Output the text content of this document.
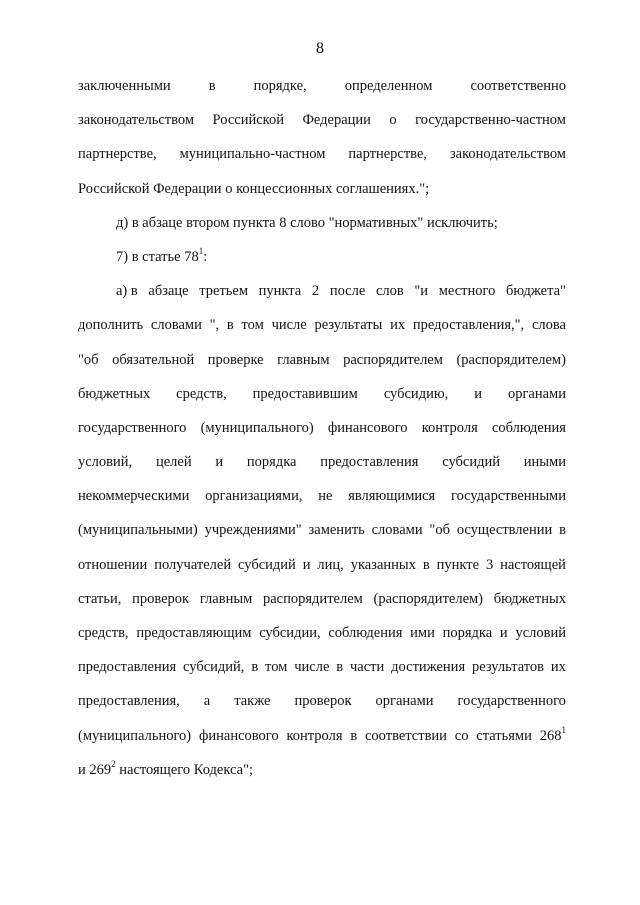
8
заключенными	в	порядке,	определенном	соответственно
законодательством Российской Федерации о государственно-частном
партнерстве, муниципально-частном партнерстве, законодательством
Российской Федерации о концессионных соглашениях.";
д) в абзаце втором пункта 8 слово "нормативных" исключить;
7) в статье $78^1$:
а) в абзаце третьем пункта 2 после слов "и местного бюджета"
дополнить словами ", в том числе результаты их предоставления,", слова
"об обязательной проверке главным распорядителем (распорядителем)
бюджетных средств, предоставившим субсидию, и органами
государственного (муниципального) финансового контроля соблюдения
условий, целей и порядка предоставления субсидий иными
некоммерческими организациями, не являющимися государственными
(муниципальными) учреждениями" заменить словами "об осуществлении в
отношении получателей субсидий и лиц, указанных в пункте 3 настоящей
статьи, проверок главным распорядителем (распорядителем) бюджетных
средств, предоставляющим субсидии, соблюдения ими порядка и условий
предоставления субсидий, в том числе в части достижения результатов их
предоставления, а также проверок органами государственного
(муниципального) финансового контроля в соответствии со статьями $268^1$
и $269^2$ настоящего Кодекса";
